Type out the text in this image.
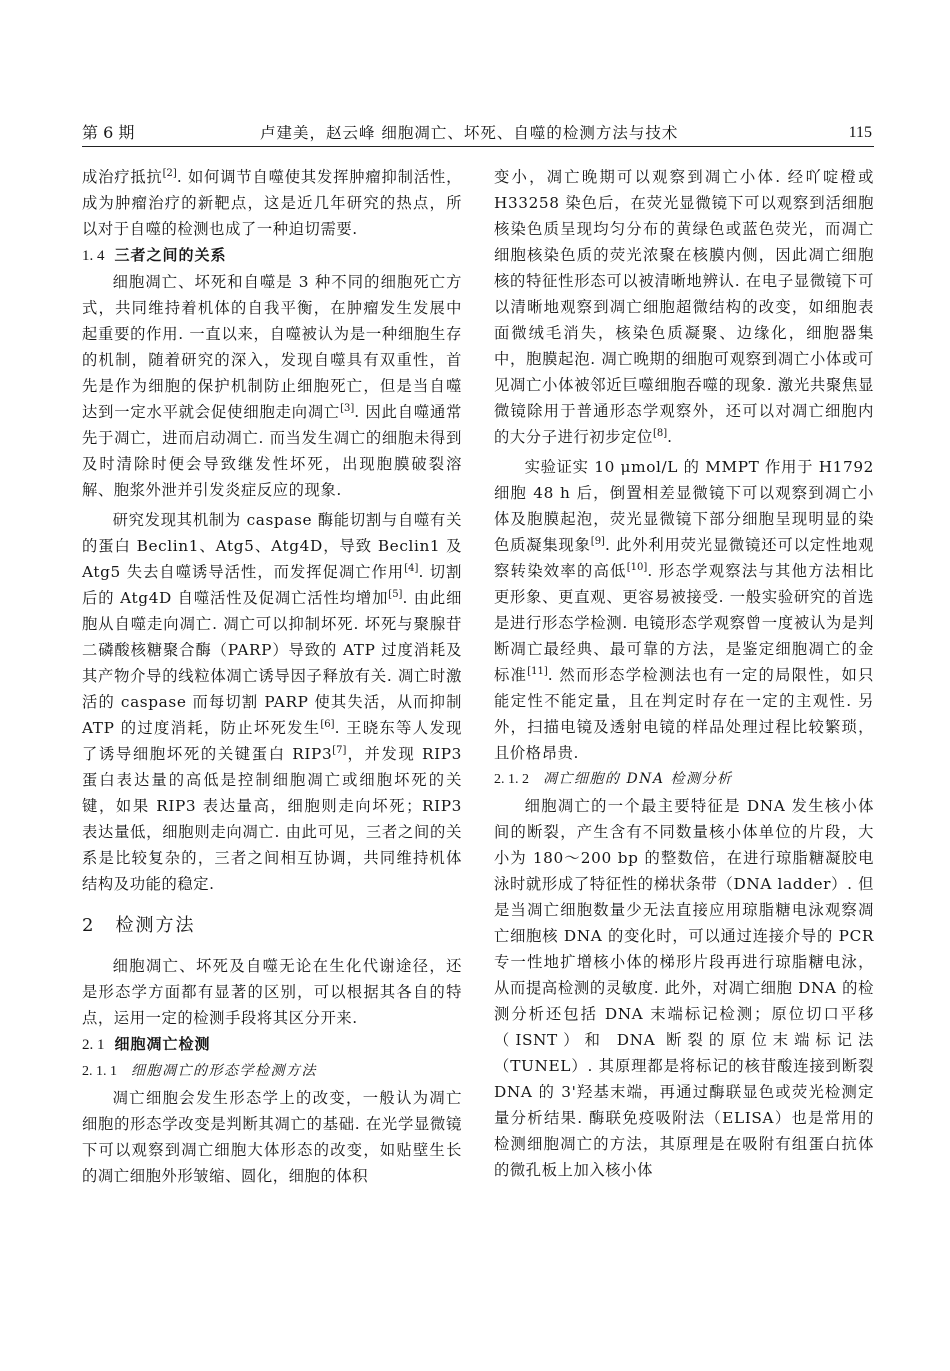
第 6 期	卢建美，赵云峰 细胞凋亡、坏死、自噬的检测方法与技术	115

成治疗抵抗[2]. 如何调节自噬使其发挥肿瘤抑制活性，成为肿瘤治疗的新靶点，这是近几年研究的热点，所以对于自噬的检测也成了一种迫切需要.

1. 4 三者之间的关系

细胞凋亡、坏死和自噬是 3 种不同的细胞死亡方式，共同维持着机体的自我平衡，在肿瘤发生发展中起重要的作用. 一直以来，自噬被认为是一种细胞生存的机制，随着研究的深入，发现自噬具有双重性，首先是作为细胞的保护机制防止细胞死亡，但是当自噬达到一定水平就会促使细胞走向凋亡[3]. 因此自噬通常先于凋亡，进而启动凋亡. 而当发生凋亡的细胞未得到及时清除时便会导致继发性坏死，出现胞膜破裂溶解、胞浆外泄并引发炎症反应的现象.

研究发现其机制为 caspase 酶能切割与自噬有关的蛋白 Beclin1、Atg5、Atg4D，导致 Beclin1 及 Atg5 失去自噬诱导活性，而发挥促凋亡作用[4]. 切割后的 Atg4D 自噬活性及促凋亡活性均增加[5]. 由此细胞从自噬走向凋亡. 凋亡可以抑制坏死. 坏死与聚腺苷二磷酸核糖聚合酶（PARP）导致的 ATP 过度消耗及其产物介导的线粒体凋亡诱导因子释放有关. 凋亡时激活的 caspase 而每切割 PARP 使其失活，从而抑制 ATP 的过度消耗，防止坏死发生[6]. 王晓东等人发现了诱导细胞坏死的关键蛋白 RIP3[7]，并发现 RIP3 蛋白表达量的高低是控制细胞凋亡或细胞坏死的关键，如果 RIP3 表达量高，细胞则走向坏死；RIP3 表达量低，细胞则走向凋亡. 由此可见，三者之间的关系是比较复杂的，三者之间相互协调，共同维持机体结构及功能的稳定.

2 检测方法

细胞凋亡、坏死及自噬无论在生化代谢途径，还是形态学方面都有显著的区别，可以根据其各自的特点，运用一定的检测手段将其区分开来.

2. 1 细胞凋亡检测
2. 1. 1 细胞凋亡的形态学检测方法

凋亡细胞会发生形态学上的改变，一般认为凋亡细胞的形态学改变是判断其凋亡的基础. 在光学显微镜下可以观察到凋亡细胞大体形态的改变，如贴壁生长的凋亡细胞外形皱缩、圆化，细胞的体积

变小，凋亡晚期可以观察到凋亡小体. 经吖啶橙或 H33258 染色后，在荧光显微镜下可以观察到活细胞核染色质呈现均匀分布的黄绿色或蓝色荧光，而凋亡细胞核染色质的荧光浓聚在核膜内侧，因此凋亡细胞核的特征性形态可以被清晰地辨认. 在电子显微镜下可以清晰地观察到凋亡细胞超微结构的改变，如细胞表面微绒毛消失，核染色质凝聚、边缘化，细胞器集中，胞膜起泡. 凋亡晚期的细胞可观察到凋亡小体或可见凋亡小体被邻近巨噬细胞吞噬的现象. 激光共聚焦显微镜除用于普通形态学观察外，还可以对凋亡细胞内的大分子进行初步定位[8].

实验证实 10 μmol/L 的 MMPT 作用于 H1792 细胞 48 h 后，倒置相差显微镜下可以观察到凋亡小体及胞膜起泡，荧光显微镜下部分细胞呈现明显的染色质凝集现象[9]. 此外利用荧光显微镜还可以定性地观察转染效率的高低[10]. 形态学观察法与其他方法相比更形象、更直观、更容易被接受. 一般实验研究的首选是进行形态学检测. 电镜形态学观察曾一度被认为是判断凋亡最经典、最可靠的方法，是鉴定细胞凋亡的金标准[11]. 然而形态学检测法也有一定的局限性，如只能定性不能定量，且在判定时存在一定的主观性. 另外，扫描电镜及透射电镜的样品处理过程比较繁琐，且价格昂贵.

2. 1. 2 凋亡细胞的 DNA 检测分析

细胞凋亡的一个最主要特征是 DNA 发生核小体间的断裂，产生含有不同数量核小体单位的片段，大小为 180～200 bp 的整数倍，在进行琼脂糖凝胶电泳时就形成了特征性的梯状条带（DNA ladder）. 但是当凋亡细胞数量少无法直接应用琼脂糖电泳观察凋亡细胞核 DNA 的变化时，可以通过连接介导的 PCR 专一性地扩增核小体的梯形片段再进行琼脂糖电泳，从而提高检测的灵敏度. 此外，对凋亡细胞 DNA 的检测分析还包括 DNA 末端标记检测；原位切口平移（ISNT）和 DNA 断裂的原位末端标记法（TUNEL）. 其原理都是将标记的核苷酸连接到断裂 DNA 的 3'羟基末端，再通过酶联显色或荧光检测定量分析结果. 酶联免疫吸附法（ELISA）也是常用的检测细胞凋亡的方法，其原理是在吸附有组蛋白抗体的微孔板上加入核小体
